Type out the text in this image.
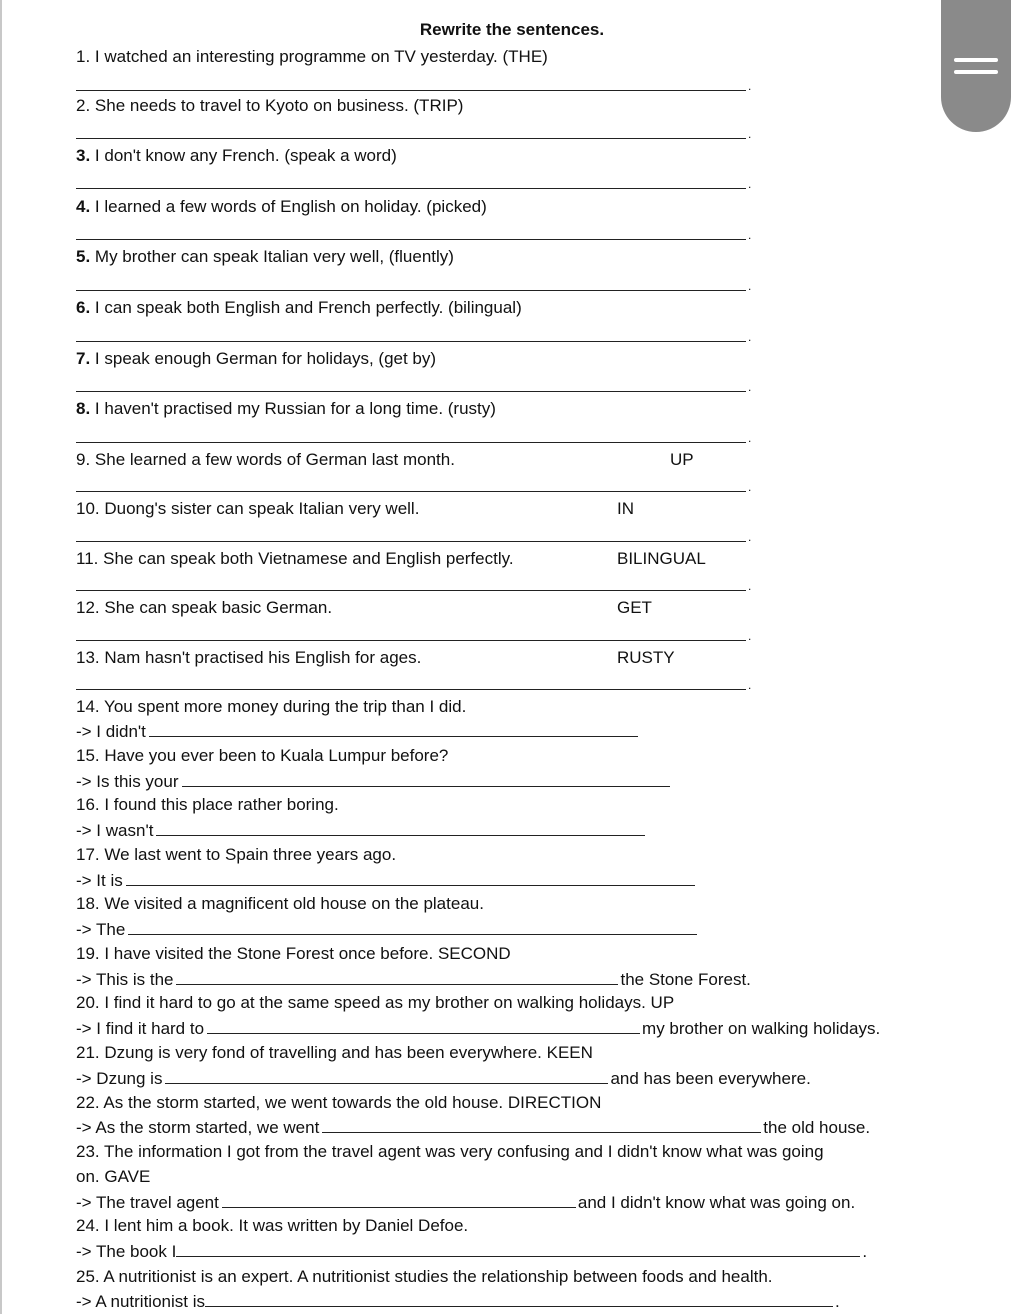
Rewrite the sentences.
1. I watched an interesting programme on TV yesterday. (THE)
.
2. She needs to travel to Kyoto on business. (TRIP)
.
3. I don't know any French. (speak a word)
.
4. I learned a few words of English on holiday. (picked)
.
5. My brother can speak Italian very well, (fluently)
.
6. I can speak both English and French perfectly. (bilingual)
.
7. I speak enough German for holidays, (get by)
.
8. I haven't practised my Russian for a long time. (rusty)
.
9. She learned a few words of German last month.	UP
.
10. Duong's sister can speak Italian very well.	IN
.
11. She can speak both Vietnamese and English perfectly.	BILINGUAL
.
12. She can speak basic German.	GET
.
13. Nam hasn't practised his English for ages.	RUSTY
.
14. You spent more money during the trip than I did.
-> I didn't
15. Have you ever been to Kuala Lumpur before?
-> Is this your
16. I found this place rather boring.
-> I wasn't
17. We last went to Spain three years ago.
-> It is
18. We visited a magnificent old house on the plateau.
-> The
19. I have visited the Stone Forest once before. SECOND
-> This is the	the Stone Forest.
20. I find it hard to go at the same speed as my brother on walking holidays. UP
-> I find it hard to	my brother on walking holidays.
21. Dzung is very fond of travelling and has been everywhere. KEEN
-> Dzung is	and has been everywhere.
22. As the storm started, we went towards the old house. DIRECTION
-> As the storm started, we went	the old house.
23. The information I got from the travel agent was very confusing and I didn't know what was going
on. GAVE
-> The travel agent	and I didn't know what was going on.
24. I lent him a book. It was written by Daniel Defoe.
-> The book I	.
25. A nutritionist is an expert. A nutritionist studies the relationship between foods and health.
-> A nutritionist is	.
